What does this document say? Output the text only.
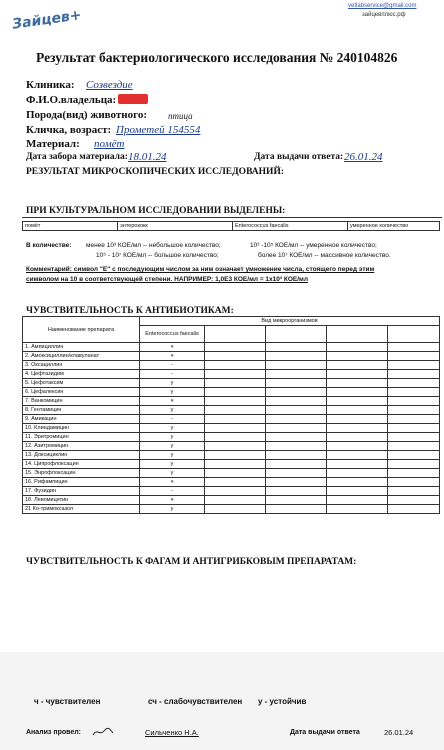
Зайцев+
vetlabservice@gmail.com
зайцевплюс.рф
Результат бактериологического исследования № 240104826
Клиника: Созвездие
Ф.И.О.владельца:
Порода(вид) животного: птица
Кличка, возраст: Прометей 154554
Материал: помёт
Дата забора материала: 18.01.24	Дата выдачи ответа: 26.01.24
РЕЗУЛЬТАТ МИКРОСКОПИЧЕСКИХ ИССЛЕДОВАНИЙ:
ПРИ КУЛЬТУРАЛЬНОМ ИССЛЕДОВАНИИ ВЫДЕЛЕНЫ:
помёт	энтерококк	Enterococcus faecalis	умеренное количество
В количестве: менее 10³ КОЕ/мл -- небольшое количество;	10³ -10⁵ КОЕ/мл -- умеренное количество;
10⁵ - 10⁷ КОЕ/мл -- большое количество;	более 10⁷ КОЕ/мл -- массивное количество.
Комментарий: символ "Е" с последующим числом за ним означает умножение числа, стоящего перед этим
символом на 10 в соответствующей степени. НАПРИМЕР: 1,0Е3 КОЕ/мл = 1х10³ КОЕ/мл
ЧУВСТВИТЕЛЬНОСТЬ К АНТИБИОТИКАМ:
Наименование препарата	Вид микроорганизмов				
	Enterococcus faecalis				
1. Ампициллин	ч				
2. Амоксициллин/клавуланат	ч				
3. Оксациллин	-				
4. Цефтазидим	-				
5. Цефотаксим	у				
6. Цефалексин	у				
7. Ванкомицин	ч				
8. Гентамицин	у				
9. Амикацин	-				
10. Клиндамицин	у				
11. Эритромицин	у				
12. Азитромицин	у				
13. Доксициклин	у				
14. Ципрофлоксацин	у				
15. Энрофлоксацин	у				
16. Рифампицин	ч				
17. Фузидин	-				
18. Левомицетин	ч				
21 Ко-тримоксазол	у				
ЧУВСТВИТЕЛЬНОСТЬ К ФАГАМ И АНТИГРИБКОВЫМ ПРЕПАРАТАМ:
ч - чувствителен	сч - слабочувствителен у - устойчив
Анализ провел:	Сильченко Н.А.	Дата выдачи ответа	26.01.24
